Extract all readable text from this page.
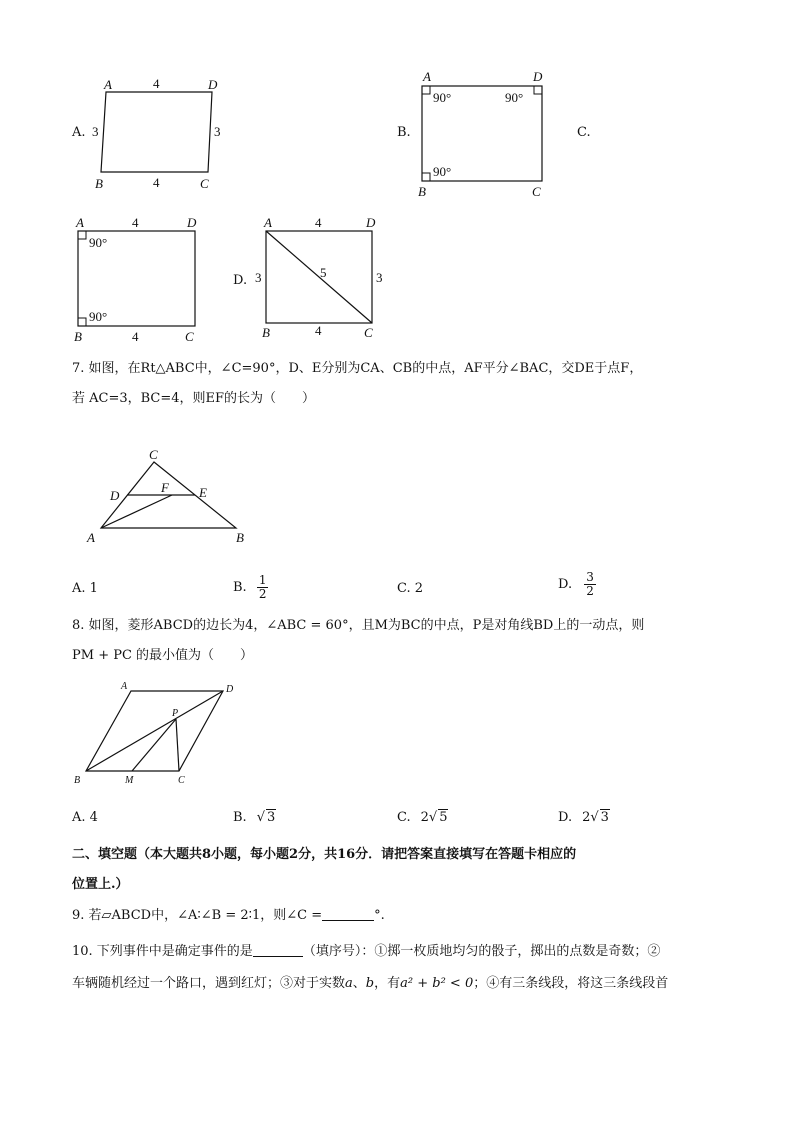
A.
A	D
B	C
4
4
3	3	B.
A	D
B	C
90°	90°
90°
C.
A	D
B	C
4
4
90°
90°
D.
A	D
B	C
4
4
3	3
5
7. 如图，在Rt△ABC中，∠C=90°，D、E分别为CA、CB的中点，AF平分∠BAC，交DE于点F，
若 AC=3，BC=4，则EF的长为（　　）
C
D
F E
A	B
A. 1	B. $\frac{1}{2}$	C. 2	D. $\frac{3}{2}$
8. 如图，菱形ABCD的边长为4，∠ABC = 60°，且M为BC的中点，P是对角线BD上的一动点，则
PM + PC 的最小值为（　　）
A	D
P
B	M	C
A. 4	B. √ 3	C. 2√ 5	D. 2√ 3
二、填空题（本大题共8小题，每小题2分，共16分．请把答案直接填写在答题卡相应的
位置上.）
9. 若▱ABCD中，∠A∶∠B = 2∶1，则∠C =	°.
10. 下列事件中是确定事件的是	（填序号）：①掷一枚质地均匀的骰子，掷出的点数是奇数；②
车辆随机经过一个路口，遇到红灯；③对于实数a、b，有a² + b² < 0；④有三条线段，将这三条线段首
